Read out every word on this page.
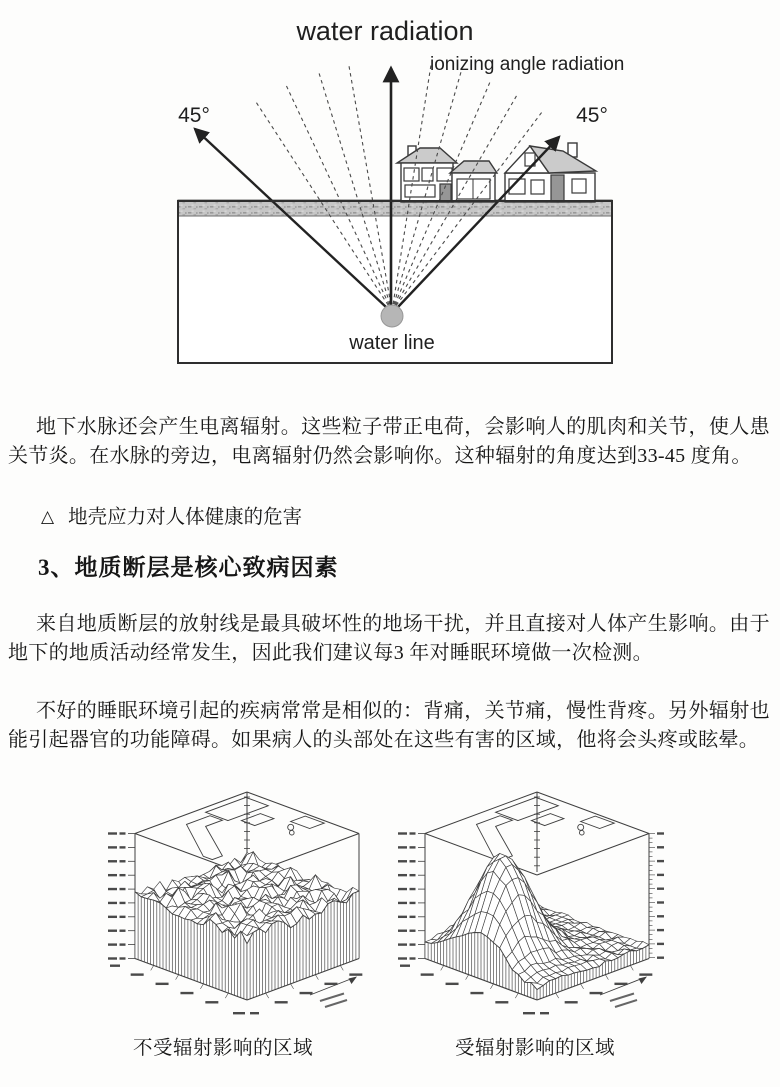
water radiation
ionizing angle radiation
45°	45°
water line

地下水脉还会产生电离辐射。这些粒子带正电荷，会影响人的肌肉和关节，使人患关节炎。在水脉的旁边，电离辐射仍然会影响你。这种辐射的角度达到33-45 度角。

△ 地壳应力对人体健康的危害
3、地质断层是核心致病因素

来自地质断层的放射线是最具破坏性的地场干扰，并且直接对人体产生影响。由于地下的地质活动经常发生，因此我们建议每3 年对睡眠环境做一次检测。

不好的睡眠环境引起的疾病常常是相似的：背痛，关节痛，慢性背疼。另外辐射也能引起器官的功能障碍。如果病人的头部处在这些有害的区域，他将会头疼或眩晕。

不受辐射影响的区域	受辐射影响的区域
